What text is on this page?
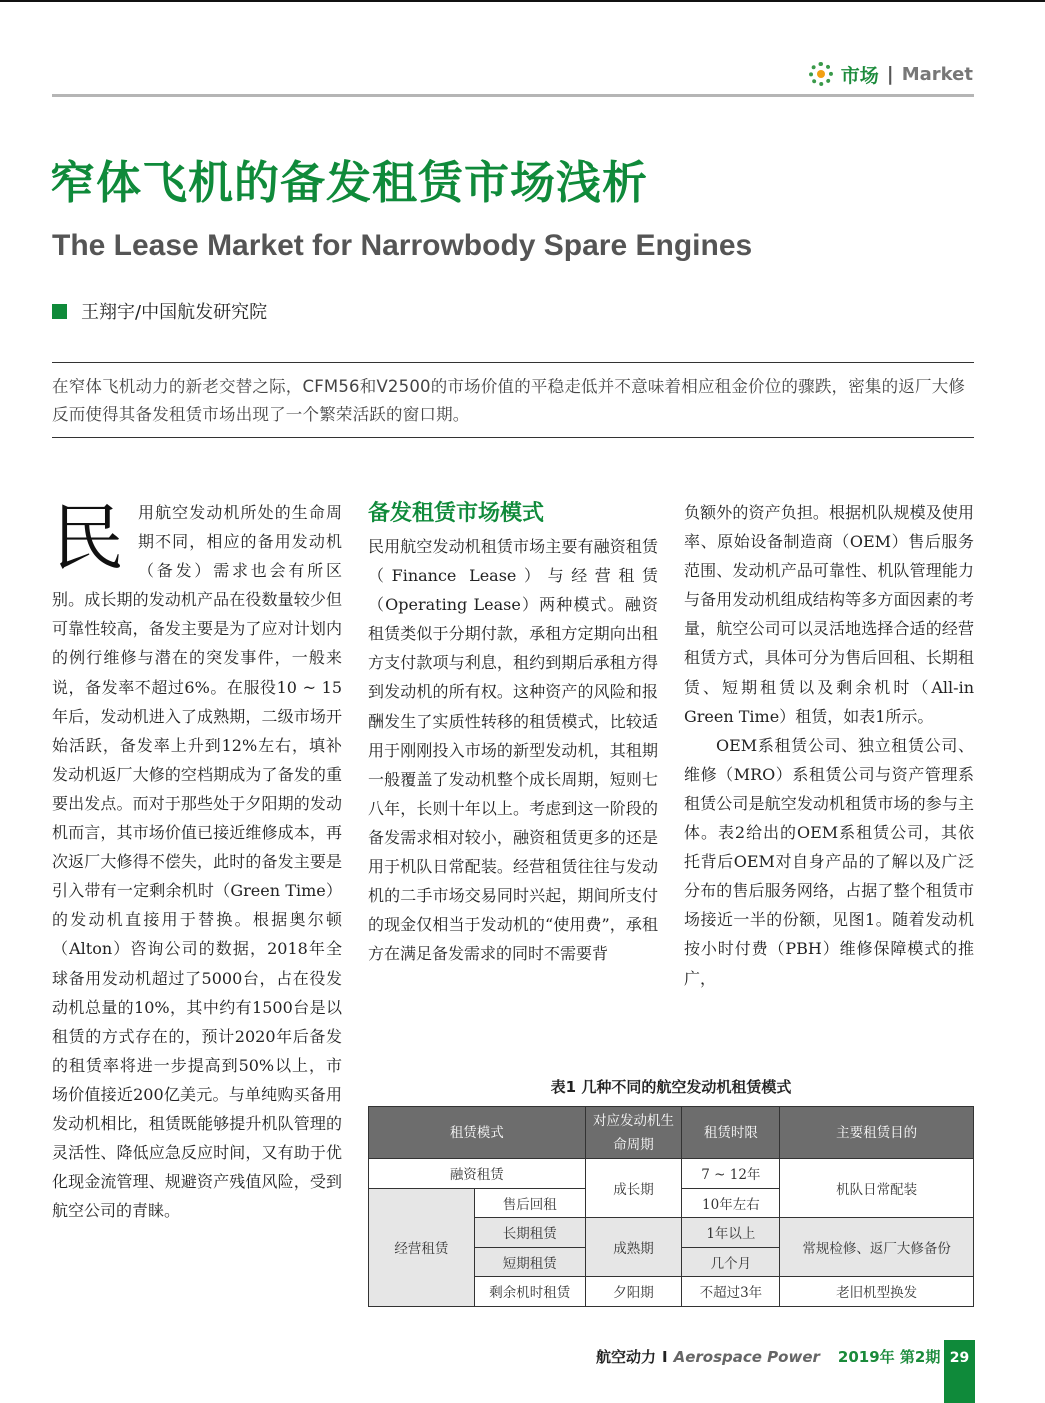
市场 | Market
窄体飞机的备发租赁市场浅析
The Lease Market for Narrowbody Spare Engines
王翔宇/中国航发研究院

在窄体飞机动力的新老交替之际，CFM56和V2500的市场价值的平稳走低并不意味着相应租金价位的骤跌，密集的返厂大修反而使得其备发租赁市场出现了一个繁荣活跃的窗口期。

民 用航空发动机所处的生命周期不同，相应的备用发动机（备发）需求也会有所区别。成长期的发动机产品在役数量较少但可靠性较高，备发主要是为了应对计划内的例行维修与潜在的突发事件，一般来说，备发率不超过6%。在服役10 ~ 15年后，发动机进入了成熟期，二级市场开始活跃，备发率上升到12%左右，填补发动机返厂大修的空档期成为了备发的重要出发点。而对于那些处于夕阳期的发动机而言，其市场价值已接近维修成本，再次返厂大修得不偿失，此时的备发主要是引入带有一定剩余机时（Green Time）的发动机直接用于替换。根据奥尔顿（Alton）咨询公司的数据，2018年全球备用发动机超过了5000台，占在役发动机总量的10%，其中约有1500台是以租赁的方式存在的，预计2020年后备发的租赁率将进一步提高到50%以上，市场价值接近200亿美元。与单纯购买备用发动机相比，租赁既能够提升机队管理的灵活性、降低应急反应时间，又有助于优化现金流管理、规避资产残值风险，受到航空公司的青睐。
备发租赁市场模式

民用航空发动机租赁市场主要有融资租赁（Finance Lease）与经营租赁（Operating Lease）两种模式。融资租赁类似于分期付款，承租方定期向出租方支付款项与利息，租约到期后承租方得到发动机的所有权。这种资产的风险和报酬发生了实质性转移的租赁模式，比较适用于刚刚投入市场的新型发动机，其租期一般覆盖了发动机整个成长周期，短则七八年，长则十年以上。考虑到这一阶段的备发需求相对较小，融资租赁更多的还是用于机队日常配装。经营租赁往往与发动机的二手市场交易同时兴起，期间所支付的现金仅相当于发动机的“使用费”，承租方在满足备发需求的同时不需要背

负额外的资产负担。根据机队规模及使用率、原始设备制造商（OEM）售后服务范围、发动机产品可靠性、机队管理能力与备用发动机组成结构等多方面因素的考量，航空公司可以灵活地选择合适的经营租赁方式，具体可分为售后回租、长期租赁、短期租赁以及剩余机时（All-in Green Time）租赁，如表1所示。

OEM系租赁公司、独立租赁公司、维修（MRO）系租赁公司与资产管理系租赁公司是航空发动机租赁市场的参与主体。表2给出的OEM系租赁公司，其依托背后OEM对自身产品的了解以及广泛分布的售后服务网络，占据了整个租赁市场接近一半的份额，见图1。随着发动机按小时付费（PBH）维修保障模式的推广，

表1 几种不同的航空发动机租赁模式
租赁模式		对应发动机生命周期	租赁时限	主要租赁目的
融资租赁		成长期	7 ~ 12年	机队日常配装
经营租赁	售后回租		10年左右	
	长期租赁	成熟期	1年以上	常规检修、返厂大修备份
	短期租赁		几个月	
	剩余机时租赁	夕阳期	不超过3年	老旧机型换发
航空动力 I Aerospace Power 2019年 第2期 29
